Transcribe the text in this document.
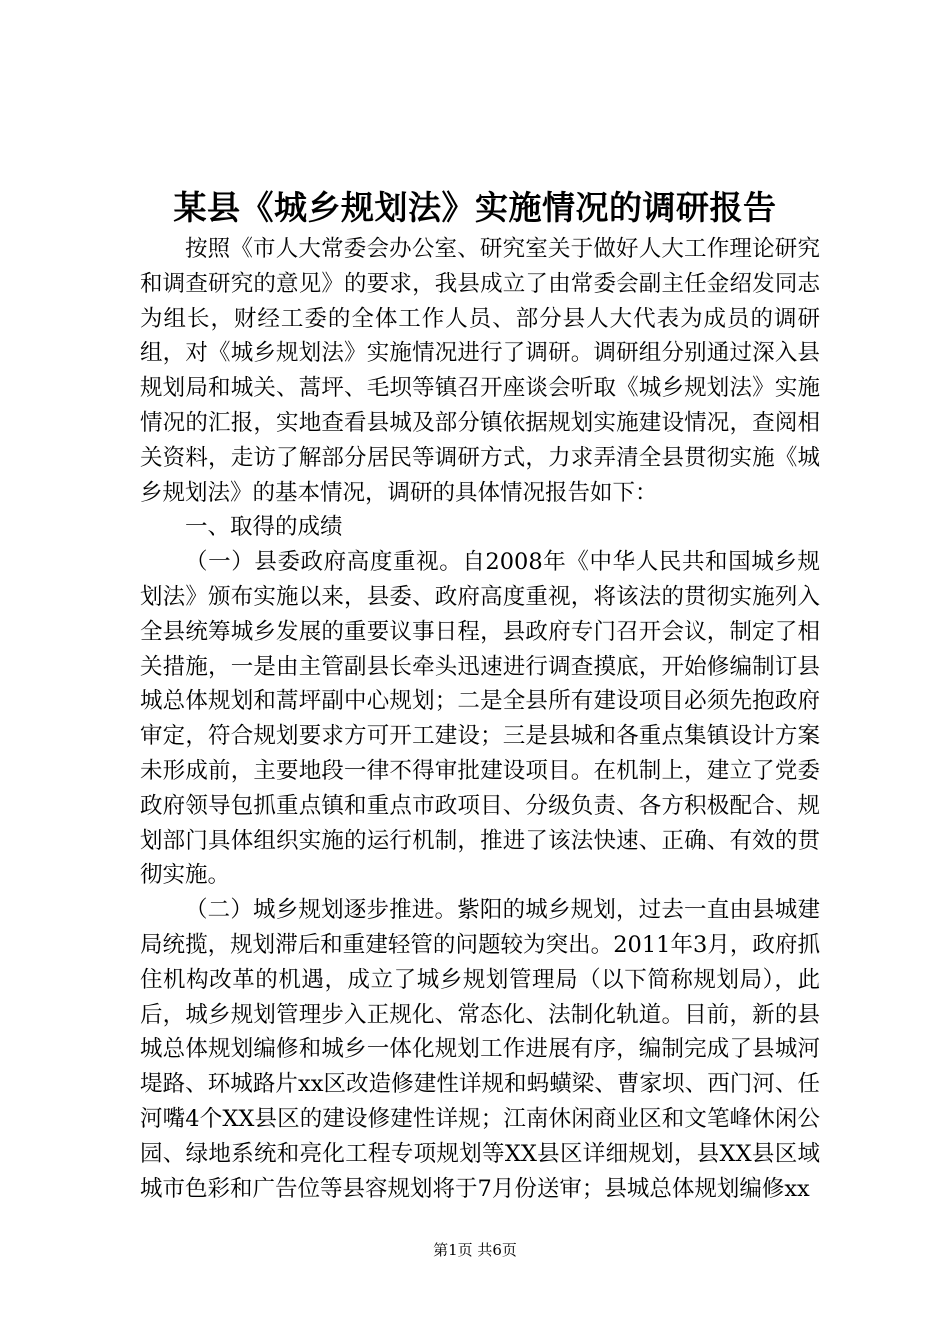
某县《城乡规划法》实施情况的调研报告

按照《市人大常委会办公室、研究室关于做好人大工作理论研究和调查研究的意见》的要求，我县成立了由常委会副主任金绍发同志为组长，财经工委的全体工作人员、部分县人大代表为成员的调研组，对《城乡规划法》实施情况进行了调研。调研组分别通过深入县规划局和城关、蒿坪、毛坝等镇召开座谈会听取《城乡规划法》实施情况的汇报，实地查看县城及部分镇依据规划实施建设情况，查阅相关资料，走访了解部分居民等调研方式，力求弄清全县贯彻实施《城乡规划法》的基本情况，调研的具体情况报告如下：

一、取得的成绩

（一）县委政府高度重视。自2008年《中华人民共和国城乡规划法》颁布实施以来，县委、政府高度重视，将该法的贯彻实施列入全县统筹城乡发展的重要议事日程，县政府专门召开会议，制定了相关措施，一是由主管副县长牵头迅速进行调查摸底，开始修编制订县城总体规划和蒿坪副中心规划；二是全县所有建设项目必须先抱政府审定，符合规划要求方可开工建设；三是县城和各重点集镇设计方案未形成前，主要地段一律不得审批建设项目。在机制上，建立了党委政府领导包抓重点镇和重点市政项目、分级负责、各方积极配合、规划部门具体组织实施的运行机制，推进了该法快速、正确、有效的贯彻实施。

（二）城乡规划逐步推进。紫阳的城乡规划，过去一直由县城建局统揽，规划滞后和重建轻管的问题较为突出。2011年3月，政府抓住机构改革的机遇，成立了城乡规划管理局（以下简称规划局），此后，城乡规划管理步入正规化、常态化、法制化轨道。目前，新的县城总体规划编修和城乡一体化规划工作进展有序，编制完成了县城河堤路、环城路片xx区改造修建性详规和蚂蟥梁、曹家坝、西门河、任河嘴4个XX县区的建设修建性详规；江南休闲商业区和文笔峰休闲公园、绿地系统和亮化工程专项规划等XX县区详细规划，县XX县区域城市色彩和广告位等县容规划将于7月份送审；县城总体规划编修xx

第1页 共6页
